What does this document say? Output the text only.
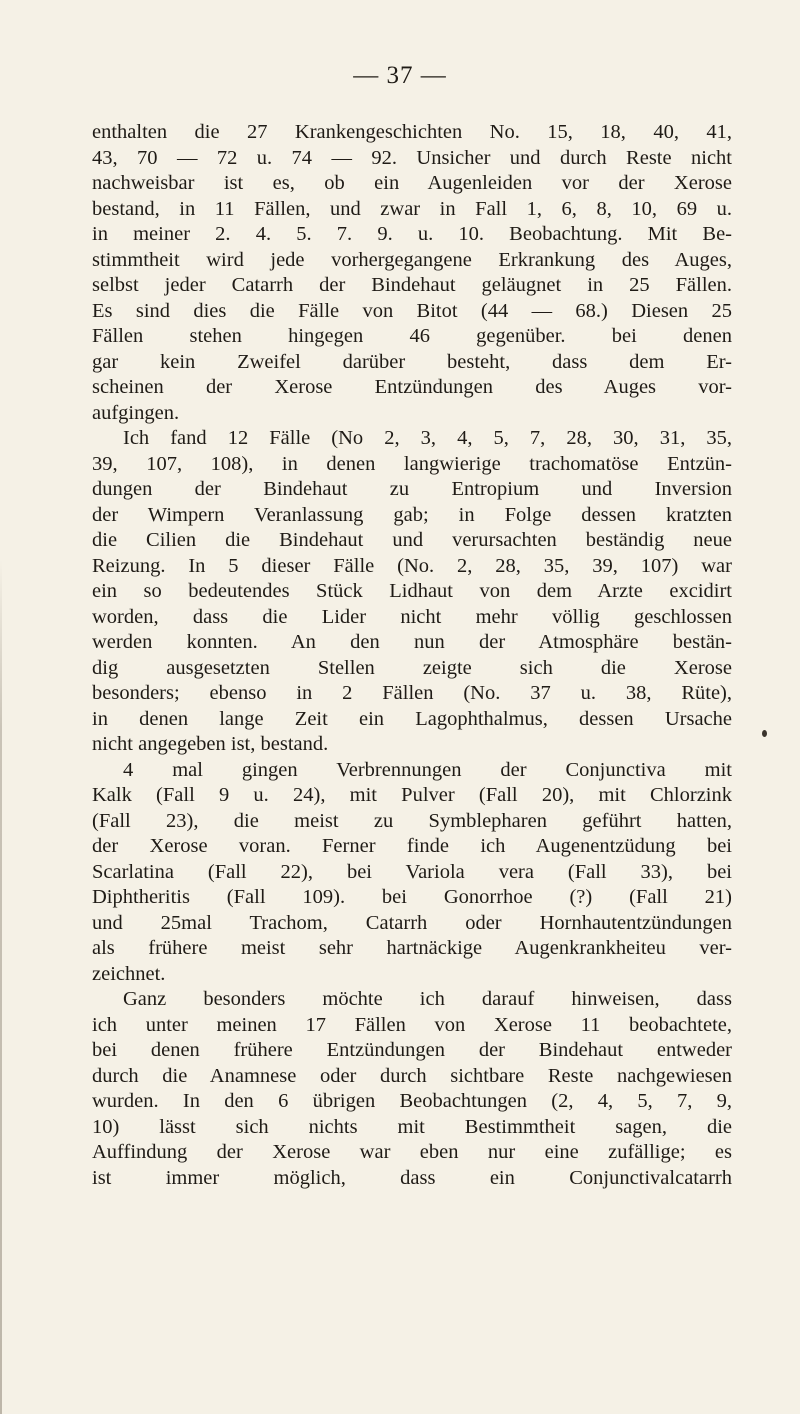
— 37 —
enthalten die 27 Krankengeschichten No. 15, 18, 40, 41,
43, 70 — 72 u. 74 — 92. Unsicher und durch Reste nicht
nachweisbar ist es, ob ein Augenleiden vor der Xerose
bestand, in 11 Fällen, und zwar in Fall 1, 6, 8, 10, 69 u.
in meiner 2. 4. 5. 7. 9. u. 10. Beobachtung. Mit Be-
stimmtheit wird jede vorhergegangene Erkrankung des Auges,
selbst jeder Catarrh der Bindehaut geläugnet in 25 Fällen.
Es sind dies die Fälle von Bitot (44 — 68.) Diesen 25
Fällen stehen hingegen 46 gegenüber. bei denen
gar kein Zweifel darüber besteht, dass dem Er-
scheinen der Xerose Entzündungen des Auges vor-
aufgingen.
Ich fand 12 Fälle (No 2, 3, 4, 5, 7, 28, 30, 31, 35,
39, 107, 108), in denen langwierige trachomatöse Entzün-
dungen der Bindehaut zu Entropium und Inversion
der Wimpern Veranlassung gab; in Folge dessen kratzten
die Cilien die Bindehaut und verursachten beständig neue
Reizung. In 5 dieser Fälle (No. 2, 28, 35, 39, 107) war
ein so bedeutendes Stück Lidhaut von dem Arzte excidirt
worden, dass die Lider nicht mehr völlig geschlossen
werden konnten. An den nun der Atmosphäre bestän-
dig ausgesetzten Stellen zeigte sich die Xerose
besonders; ebenso in 2 Fällen (No. 37 u. 38, Rüte),
in denen lange Zeit ein Lagophthalmus, dessen Ursache
nicht angegeben ist, bestand.
4 mal gingen Verbrennungen der Conjunctiva mit
Kalk (Fall 9 u. 24), mit Pulver (Fall 20), mit Chlorzink
(Fall 23), die meist zu Symblepharen geführt hatten,
der Xerose voran. Ferner finde ich Augenentzüdung bei
Scarlatina (Fall 22), bei Variola vera (Fall 33), bei
Diphtheritis (Fall 109). bei Gonorrhoe (?) (Fall 21)
und 25mal Trachom, Catarrh oder Hornhautentzündungen
als frühere meist sehr hartnäckige Augenkrankheiteu ver-
zeichnet.
Ganz besonders möchte ich darauf hinweisen, dass
ich unter meinen 17 Fällen von Xerose 11 beobachtete,
bei denen frühere Entzündungen der Bindehaut entweder
durch die Anamnese oder durch sichtbare Reste nachgewiesen
wurden. In den 6 übrigen Beobachtungen (2, 4, 5, 7, 9,
10) lässt sich nichts mit Bestimmtheit sagen, die
Auffindung der Xerose war eben nur eine zufällige; es
ist immer möglich, dass ein Conjunctivalcatarrh
